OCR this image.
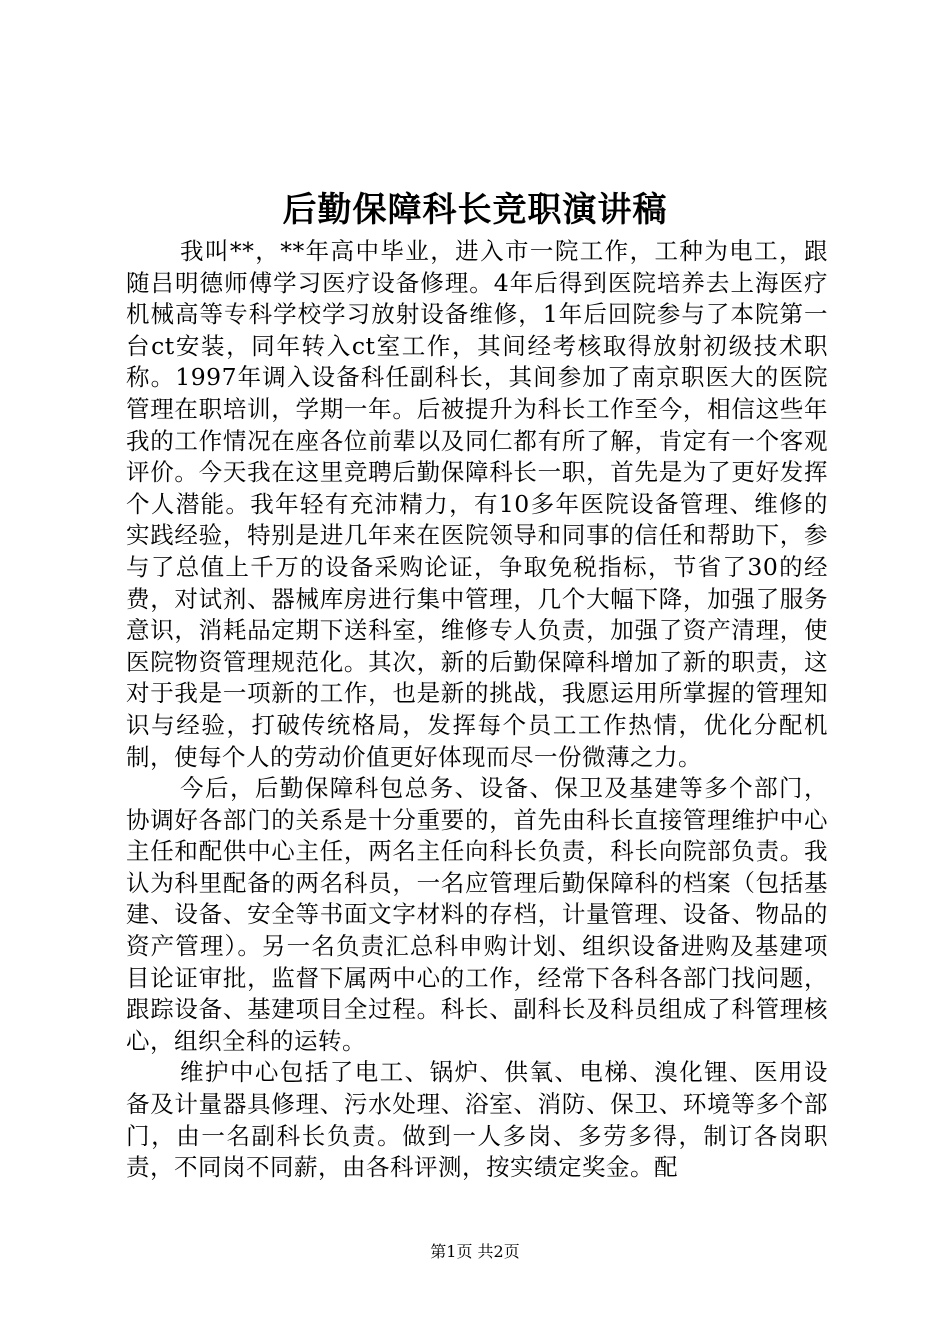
后勤保障科长竞职演讲稿

我叫**，**年高中毕业，进入市一院工作，工种为电工，跟随吕明德师傅学习医疗设备修理。4年后得到医院培养去上海医疗机械高等专科学校学习放射设备维修，1年后回院参与了本院第一台ct安装，同年转入ct室工作，其间经考核取得放射初级技术职称。1997年调入设备科任副科长，其间参加了南京职医大的医院管理在职培训，学期一年。后被提升为科长工作至今，相信这些年我的工作情况在座各位前辈以及同仁都有所了解，肯定有一个客观评价。今天我在这里竞聘后勤保障科长一职，首先是为了更好发挥个人潜能。我年轻有充沛精力，有10多年医院设备管理、维修的实践经验，特别是进几年来在医院领导和同事的信任和帮助下，参与了总值上千万的设备采购论证，争取免税指标，节省了30的经费，对试剂、器械库房进行集中管理，几个大幅下降，加强了服务意识，消耗品定期下送科室，维修专人负责，加强了资产清理，使医院物资管理规范化。其次，新的后勤保障科增加了新的职责，这对于我是一项新的工作，也是新的挑战，我愿运用所掌握的管理知识与经验，打破传统格局，发挥每个员工工作热情，优化分配机制，使每个人的劳动价值更好体现而尽一份微薄之力。

今后，后勤保障科包总务、设备、保卫及基建等多个部门，协调好各部门的关系是十分重要的，首先由科长直接管理维护中心主任和配供中心主任，两名主任向科长负责，科长向院部负责。我认为科里配备的两名科员，一名应管理后勤保障科的档案（包括基建、设备、安全等书面文字材料的存档，计量管理、设备、物品的资产管理）。另一名负责汇总科申购计划、组织设备进购及基建项目论证审批，监督下属两中心的工作，经常下各科各部门找问题，跟踪设备、基建项目全过程。科长、副科长及科员组成了科管理核心，组织全科的运转。

维护中心包括了电工、锅炉、供氧、电梯、溴化锂、医用设备及计量器具修理、污水处理、浴室、消防、保卫、环境等多个部门，由一名副科长负责。做到一人多岗、多劳多得，制订各岗职责，不同岗不同薪，由各科评测，按实绩定奖金。配

第1页 共2页
